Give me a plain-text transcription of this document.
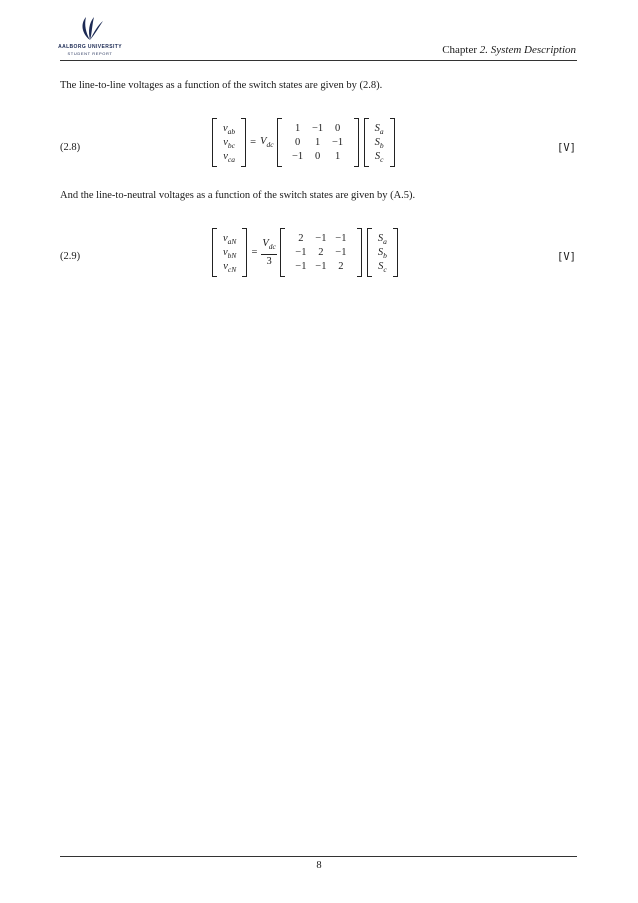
AALBORG UNIVERSITY
STUDENT REPORT	Chapter 2. System Description
The line-to-line voltages as a function of the switch states are given by (2.8).
(2.8)
$v_{ab}$
$v_{bc}$
$v_{ca}$
= $V_{dc}$
1	−1	0
0	1	−1
−1	0	1
$S_a$
$S_b$
$S_c$
[V]
And the line-to-neutral voltages as a function of the switch states are given by (A.5).
(2.9)
$v_{aN}$
$v_{bN}$
$v_{cN}$
= $\frac{V_{dc}}{3}$	2	−1 −1
−1	2	−1
−1 −1	2
$S_a$
$S_b$
$S_c$
[V]
8
